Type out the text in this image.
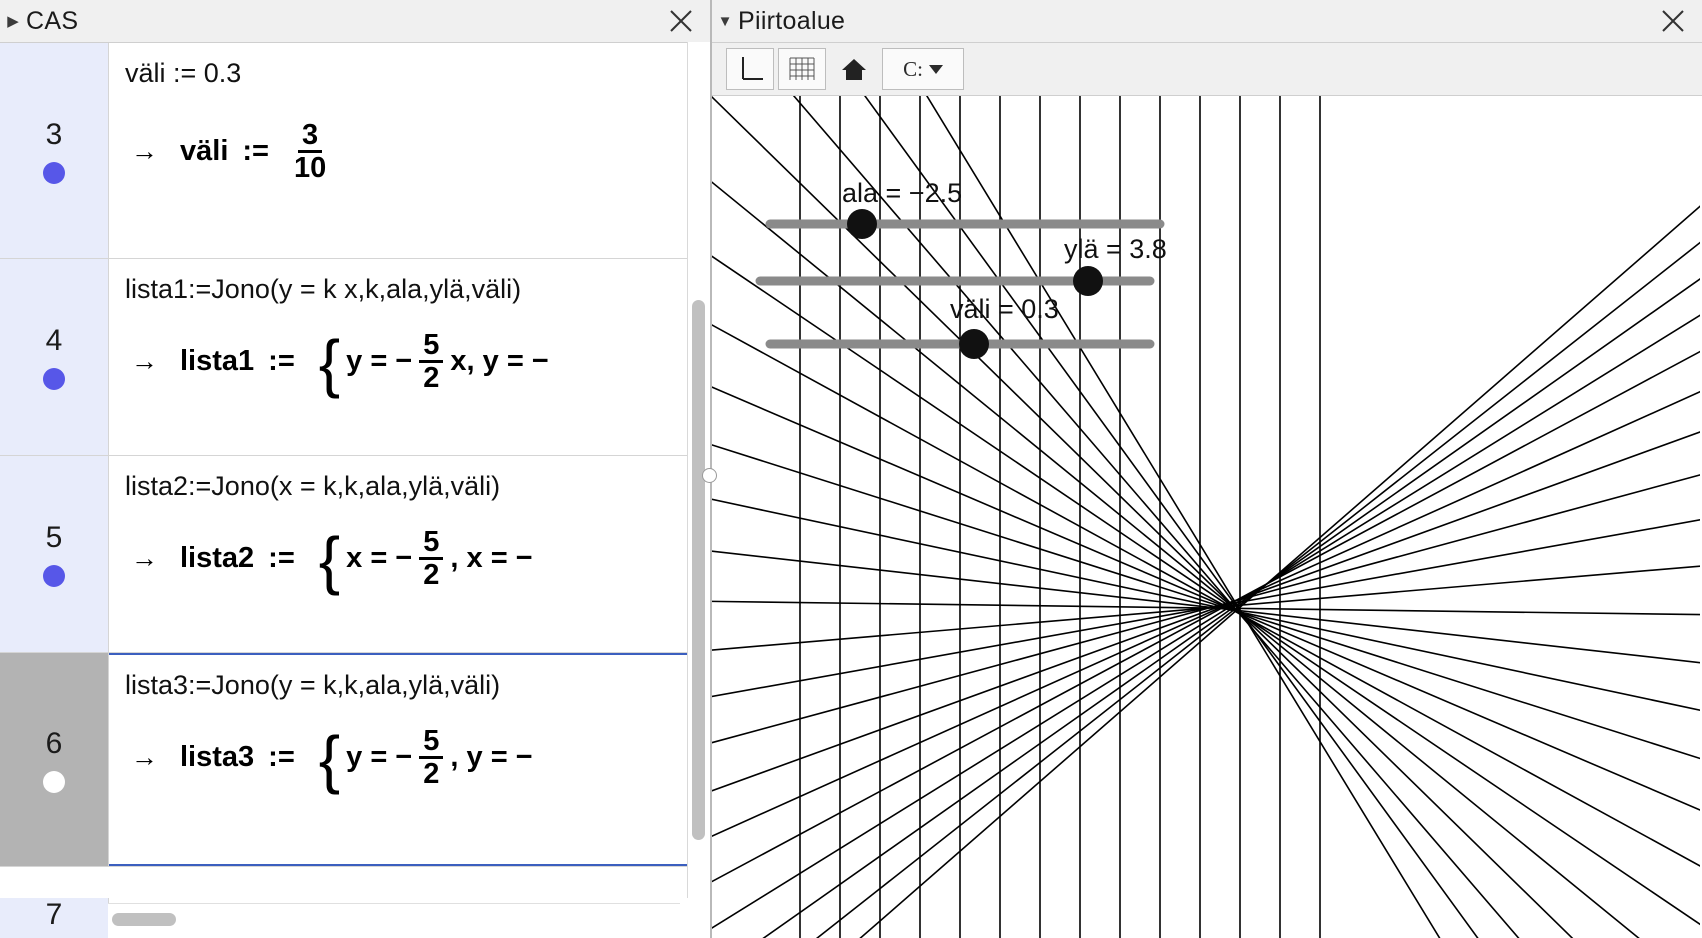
▶ CAS
3
väli := 0.3
→ väli := $\frac{3}{10}$
4
lista1:=Jono(y = k x,k,ala,ylä,väli)
→ lista1 := { y = − $\frac{5}{2} x$, y = −
5
lista2:=Jono(x = k,k,ala,ylä,väli)
→ lista2 := { x = − $\frac{5}{2}$ , x = −
6
lista3:=Jono(y = k,k,ala,ylä,väli)
→ lista3 := { y = − $\frac{5}{2}$ , y = −
7
▼ Piirtoalue
C:
ala = −2.5
ylä = 3.8
väli = 0.3
